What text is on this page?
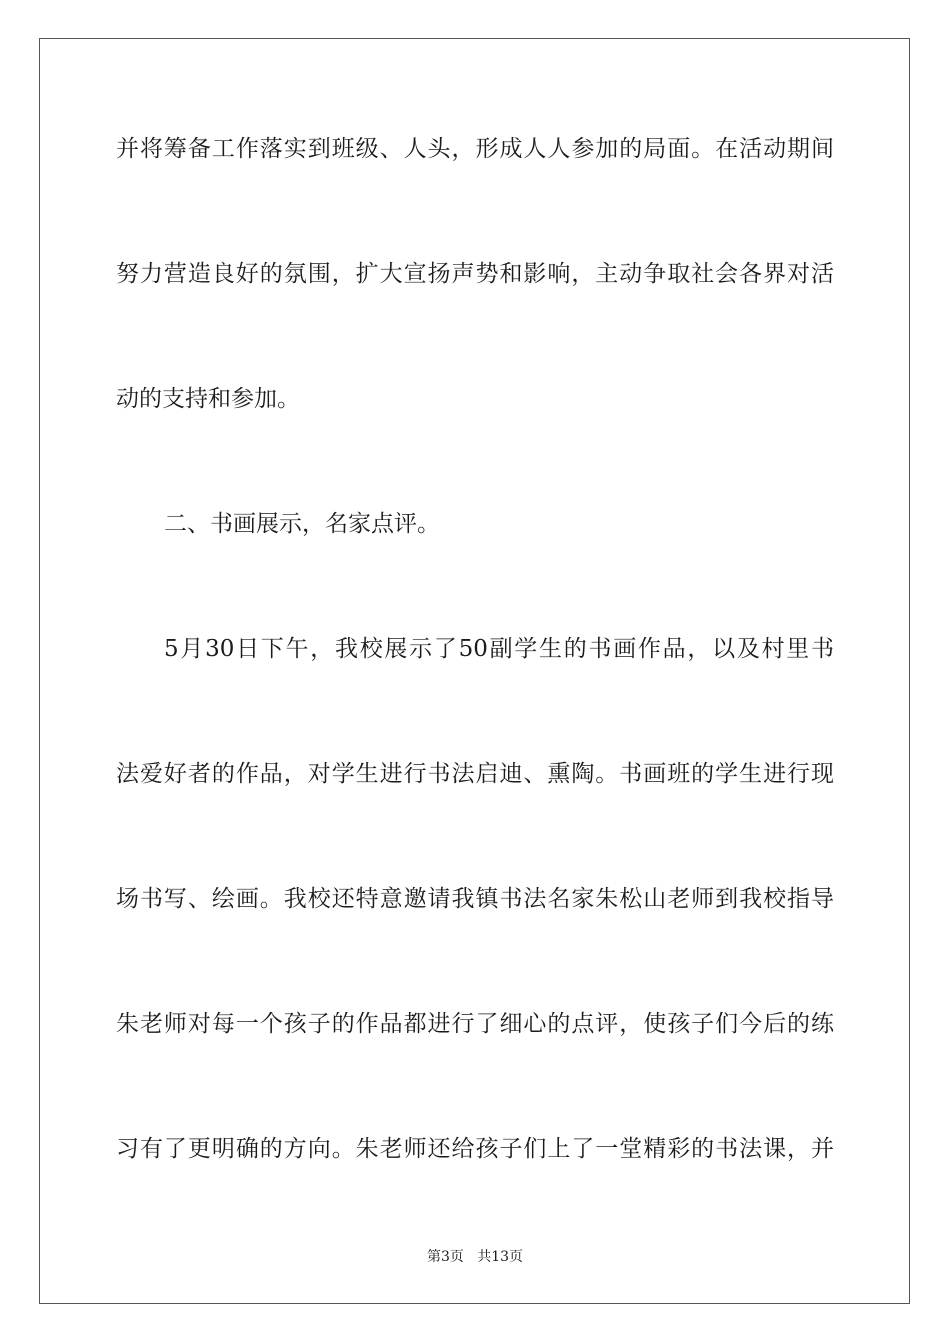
并将筹备工作落实到班级、人头，形成人人参加的局面。在活动期间
努力营造良好的氛围，扩大宣扬声势和影响，主动争取社会各界对活
动的支持和参加。
二、书画展示，名家点评。
5月30日下午，我校展示了50副学生的书画作品，以及村里书
法爱好者的作品，对学生进行书法启迪、熏陶。书画班的学生进行现
场书写、绘画。我校还特意邀请我镇书法名家朱松山老师到我校指导
朱老师对每一个孩子的作品都进行了细心的点评，使孩子们今后的练
习有了更明确的方向。朱老师还给孩子们上了一堂精彩的书法课，并
第3页   共13页
